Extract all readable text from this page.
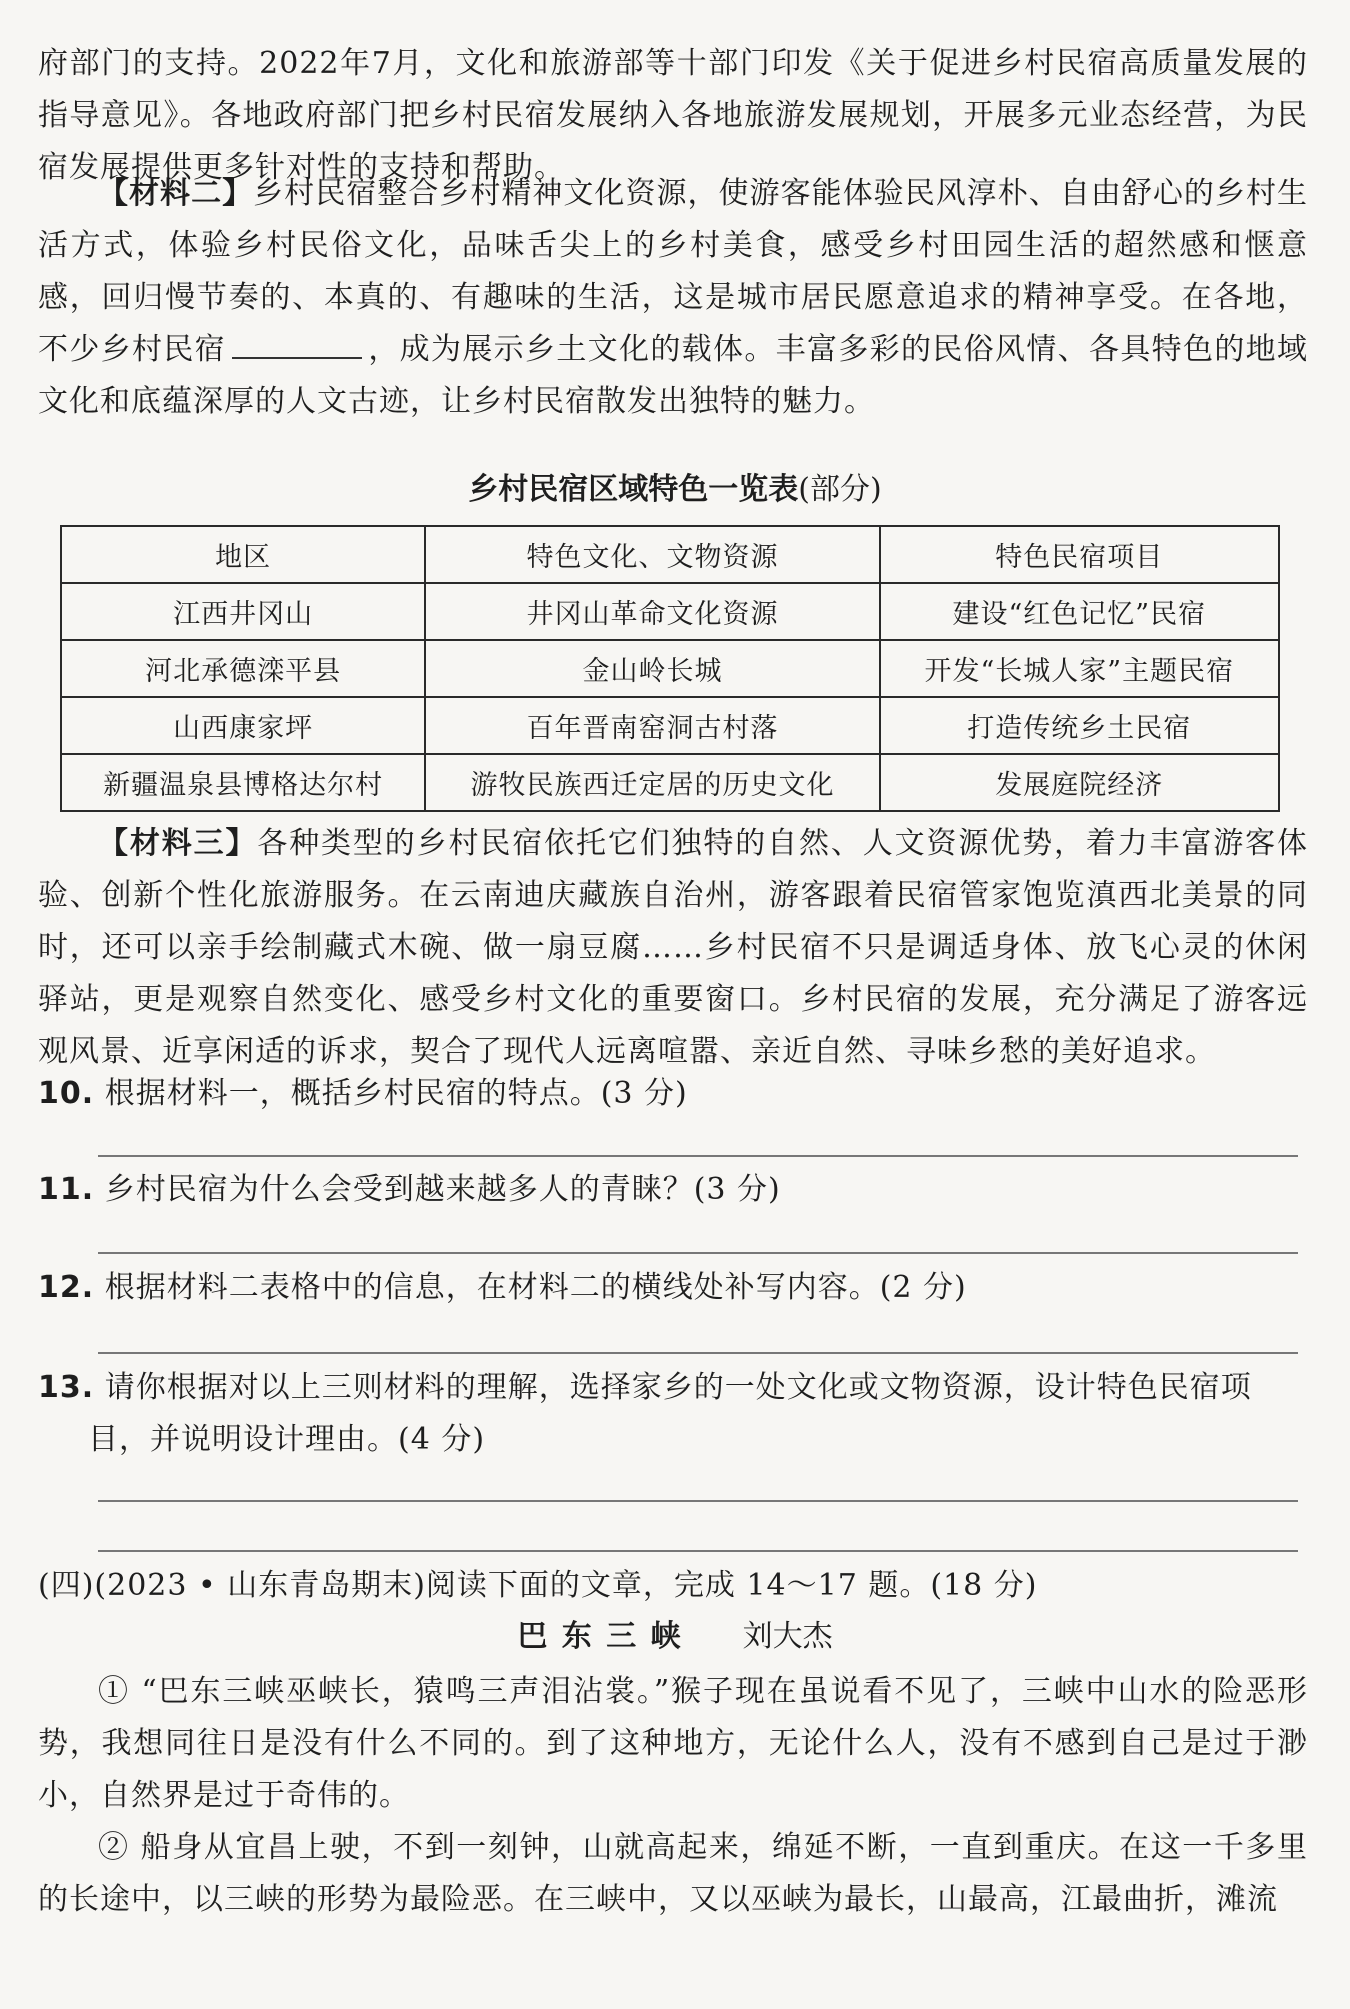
府部门的支持。2022年7月，文化和旅游部等十部门印发《关于促进乡村民宿高质量发展的指导意见》。各地政府部门把乡村民宿发展纳入各地旅游发展规划，开展多元业态经营，为民宿发展提供更多针对性的支持和帮助。

【材料二】乡村民宿整合乡村精神文化资源，使游客能体验民风淳朴、自由舒心的乡村生活方式，体验乡村民俗文化，品味舌尖上的乡村美食，感受乡村田园生活的超然感和惬意感，回归慢节奏的、本真的、有趣味的生活，这是城市居民愿意追求的精神享受。在各地，不少乡村民宿	，成为展示乡土文化的载体。丰富多彩的民俗风情、各具特色的地域文化和底蕴深厚的人文古迹，让乡村民宿散发出独特的魅力。

乡村民宿区域特色一览表(部分)
地区	特色文化、文物资源	特色民宿项目
江西井冈山	井冈山革命文化资源	建设“红色记忆”民宿
河北承德滦平县	金山岭长城	开发“长城人家”主题民宿
山西康家坪	百年晋南窑洞古村落	打造传统乡土民宿
新疆温泉县博格达尔村	游牧民族西迁定居的历史文化	发展庭院经济

【材料三】各种类型的乡村民宿依托它们独特的自然、人文资源优势，着力丰富游客体验、创新个性化旅游服务。在云南迪庆藏族自治州，游客跟着民宿管家饱览滇西北美景的同时，还可以亲手绘制藏式木碗、做一扇豆腐……乡村民宿不只是调适身体、放飞心灵的休闲驿站，更是观察自然变化、感受乡村文化的重要窗口。乡村民宿的发展，充分满足了游客远观风景、近享闲适的诉求，契合了现代人远离喧嚣、亲近自然、寻味乡愁的美好追求。

10. 根据材料一，概括乡村民宿的特点。(3 分)
11. 乡村民宿为什么会受到越来越多人的青睐？(3 分)
12. 根据材料二表格中的信息，在材料二的横线处补写内容。(2 分)
13. 请你根据对以上三则材料的理解，选择家乡的一处文化或文物资源，设计特色民宿项目，并说明设计理由。(4 分)
(四)(2023 • 山东青岛期末)阅读下面的文章，完成 14～17 题。(18 分)
巴 东 三 峡 刘大杰

① “巴东三峡巫峡长，猿鸣三声泪沾裳。”猴子现在虽说看不见了，三峡中山水的险恶形势，我想同往日是没有什么不同的。到了这种地方，无论什么人，没有不感到自己是过于渺小，自然界是过于奇伟的。

② 船身从宜昌上驶，不到一刻钟，山就高起来，绵延不断，一直到重庆。在这一千多里的长途中，以三峡的形势为最险恶。在三峡中，又以巫峡为最长，山最高，江最曲折，滩流
